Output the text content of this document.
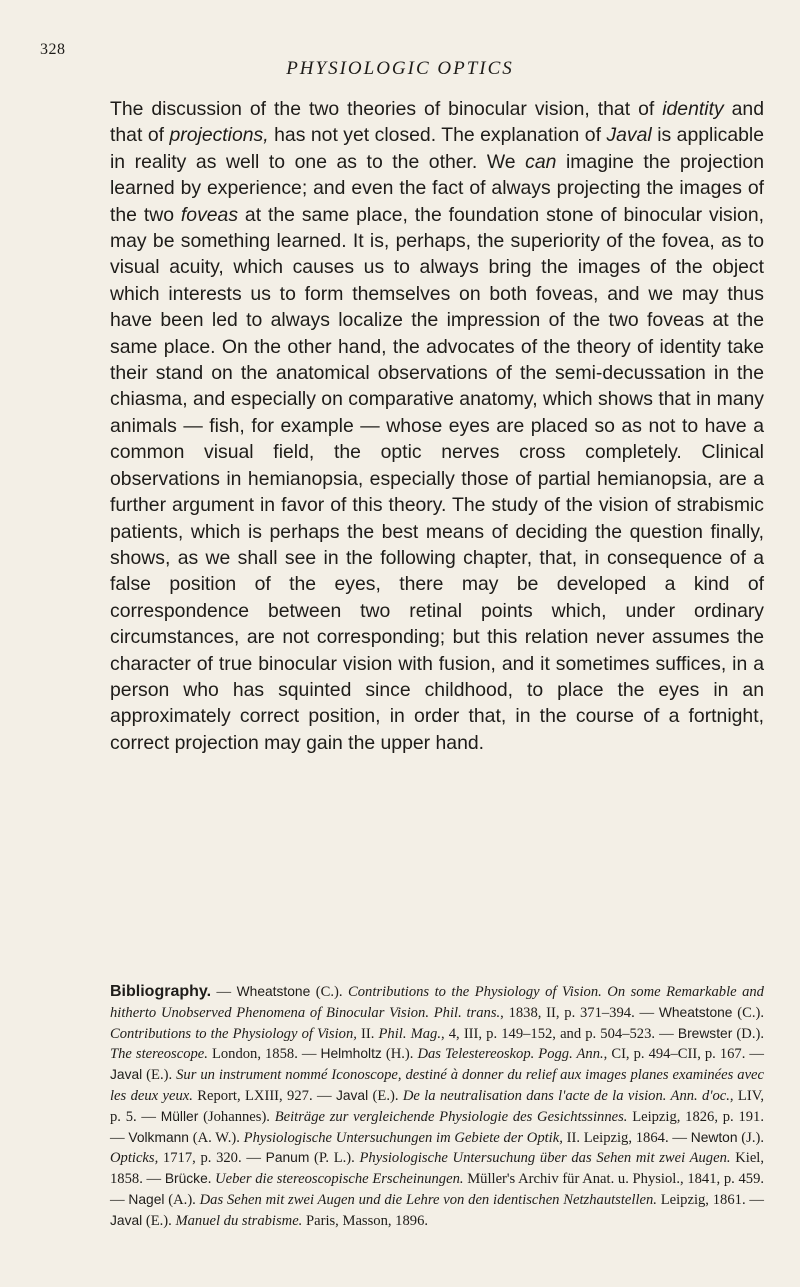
328
PHYSIOLOGIC OPTICS

The discussion of the two theories of binocular vision, that of identity and that of projections, has not yet closed. The explanation of Javal is applicable in reality as well to one as to the other. We can imagine the projection learned by experience; and even the fact of always projecting the images of the two foveas at the same place, the foundation stone of binocular vision, may be something learned. It is, perhaps, the superiority of the fovea, as to visual acuity, which causes us to always bring the images of the object which interests us to form themselves on both foveas, and we may thus have been led to always localize the impression of the two foveas at the same place. On the other hand, the advocates of the theory of identity take their stand on the anatomical observations of the semi-decussation in the chiasma, and especially on comparative anatomy, which shows that in many animals — fish, for example — whose eyes are placed so as not to have a common visual field, the optic nerves cross completely. Clinical observations in hemianopsia, especially those of partial hemianopsia, are a further argument in favor of this theory. The study of the vision of strabismic patients, which is perhaps the best means of deciding the question finally, shows, as we shall see in the following chapter, that, in consequence of a false position of the eyes, there may be developed a kind of correspondence between two retinal points which, under ordinary circumstances, are not corresponding; but this relation never assumes the character of true binocular vision with fusion, and it sometimes suffices, in a person who has squinted since childhood, to place the eyes in an approximately correct position, in order that, in the course of a fortnight, correct projection may gain the upper hand.

Bibliography. — Wheatstone (C.). Contributions to the Physiology of Vision. On some Remarkable and hitherto Unobserved Phenomena of Binocular Vision. Phil. trans., 1838, II, p. 371–394. — Wheatstone (C.). Contributions to the Physiology of Vision, II. Phil. Mag., 4, III, p. 149–152, and p. 504–523. — Brewster (D.). The stereoscope. London, 1858. — Helmholtz (H.). Das Telestereoskop. Pogg. Ann., CI, p. 494–CII, p. 167. — Javal (E.). Sur un instrument nommé Iconoscope, destiné à donner du relief aux images planes examinées avec les deux yeux. Report, LXIII, 927. — Javal (E.). De la neutralisation dans l'acte de la vision. Ann. d'oc., LIV, p. 5. — Müller (Johannes). Beiträge zur vergleichende Physiologie des Gesichtssinnes. Leipzig, 1826, p. 191. — Volkmann (A. W.). Physiologische Untersuchungen im Gebiete der Optik, II. Leipzig, 1864. — Newton (J.). Opticks, 1717, p. 320. — Panum (P. L.). Physiologische Untersuchung über das Sehen mit zwei Augen. Kiel, 1858. — Brücke. Ueber die stereoscopische Erscheinungen. Müller's Archiv für Anat. u. Physiol., 1841, p. 459. — Nagel (A.). Das Sehen mit zwei Augen und die Lehre von den identischen Netzhautstellen. Leipzig, 1861. — Javal (E.). Manuel du strabisme. Paris, Masson, 1896.
